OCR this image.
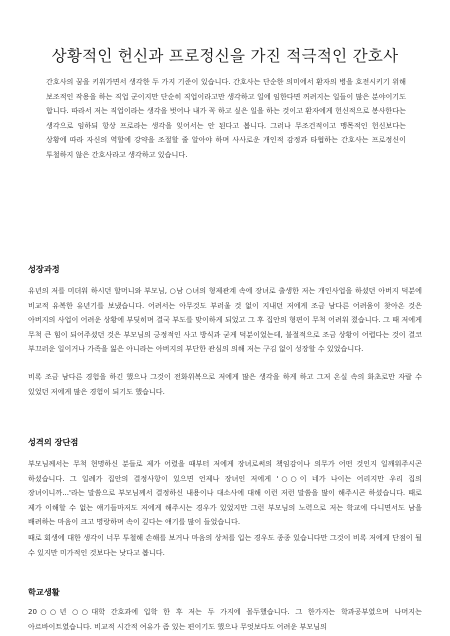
상황적인 헌신과 프로정신을 가진 적극적인 간호사

간호사의 꿈을 키워가면서 생각한 두 가지 기준이 있습니다. 간호사는 단순한 의미에서 환자의 병을 호전시키기 위해 보조적인 작용을 하는 직업 군이지만 단순히 직업이라고만 생각하고 일에 임한다면 꺼려지는 일들이 많은 분야이기도 합니다. 따라서 저는 직업이라는 생각을 벗어나 내가 꼭 하고 싶은 일을 하는 것이고 환자에게 헌신적으로 봉사한다는 생각으로 임하되 항상 프로라는 생각을 잊어서는 안 된다고 봅니다. 그러나 무조건적이고 맹목적인 헌신보다는 상황에 따라 자신의 역할에 강약을 조절할 줄 알아야 하며 사사로운 개인적 감정과 타협하는 간호사는 프로정신이 투철하지 않은 간호사라고 생각하고 있습니다.

성장과정

유년의 저를 미더워 하시던 할머니와 부모님, ○남 ○녀의 형제관계 속에 장녀로 출생한 저는 개인사업을 하셨던 아버지 덕분에 비교적 유복한 유년기를 보냈습니다. 어려서는 아무것도 부러울 것 없이 지내던 저에게 조금 남다른 어려움이 찾아온 것은 아버지의 사업이 어려운 상황에 부딪히며 결국 부도를 맞이하게 되었고 그 후 집안의 형편이 무척 어려워 졌습니다. 그 때 저에게 무척 큰 힘이 되어주셨던 것은 부모님의 긍정적인 사고 방식과 굳게 덕분이었는데, 불절적으로 조금 상황이 어렵다는 것이 결코 부끄러운 일이거나 가족을 잃은 아니라는 아버지의 부단한 관심의 의해 저는 구김 없이 성장할 수 있었습니다.

비록 조금 남다른 경험을 하긴 했으나 그것이 전화위복으로 저에게 많은 생각을 하게 하고 그저 온실 속의 화초로만 자랄 수 있었던 저에게 많은 경험이 되기도 했습니다.

성격의 장단점

부모님께서는 무척 현명하신 분들로 제가 어렸을 때부터 저에게 장녀로써의 책임감이나 의무가 어떤 것인지 일깨워주시곤 하셨습니다. 그 일례가 집안의 결정사항이 있으면 언제나 장녀인 저에게 '○○이 네가 나이는 어리지만 우리 집의 장녀이니까...'라는 말씀으로 부모님께서 결정하신 내용이나 대소사에 대해 이런 저런 말씀을 많이 해주시곤 하셨습니다. 때로 제가 이해할 수 없는 얘기들마저도 저에게 해주시는 경우가 있었지만 그런 부모님의 노력으로 저는 학교에 다니면서도 남을 배려하는 마음이 크고 명랑하며 속이 깊다는 얘기를 많이 들었습니다.

때로 회생에 대한 생각이 너무 투철해 손해를 보거나 마음의 상처를 입는 경우도 종종 있습니다만 그것이 비록 저에게 단점이 될 수 있지만 미가적인 것보다는 낫다고 봅니다.

학교생활

20○○년 ○○대학 간호과에 입학 한 후 저는 두 가지에 몰두했습니다. 그 한가지는 학과공부였으며 나머지는 아르바이트였습니다. 비교적 시간적 여유가 좀 있는 편이기도 했으나 무엇보다도 어려운 부모님의
